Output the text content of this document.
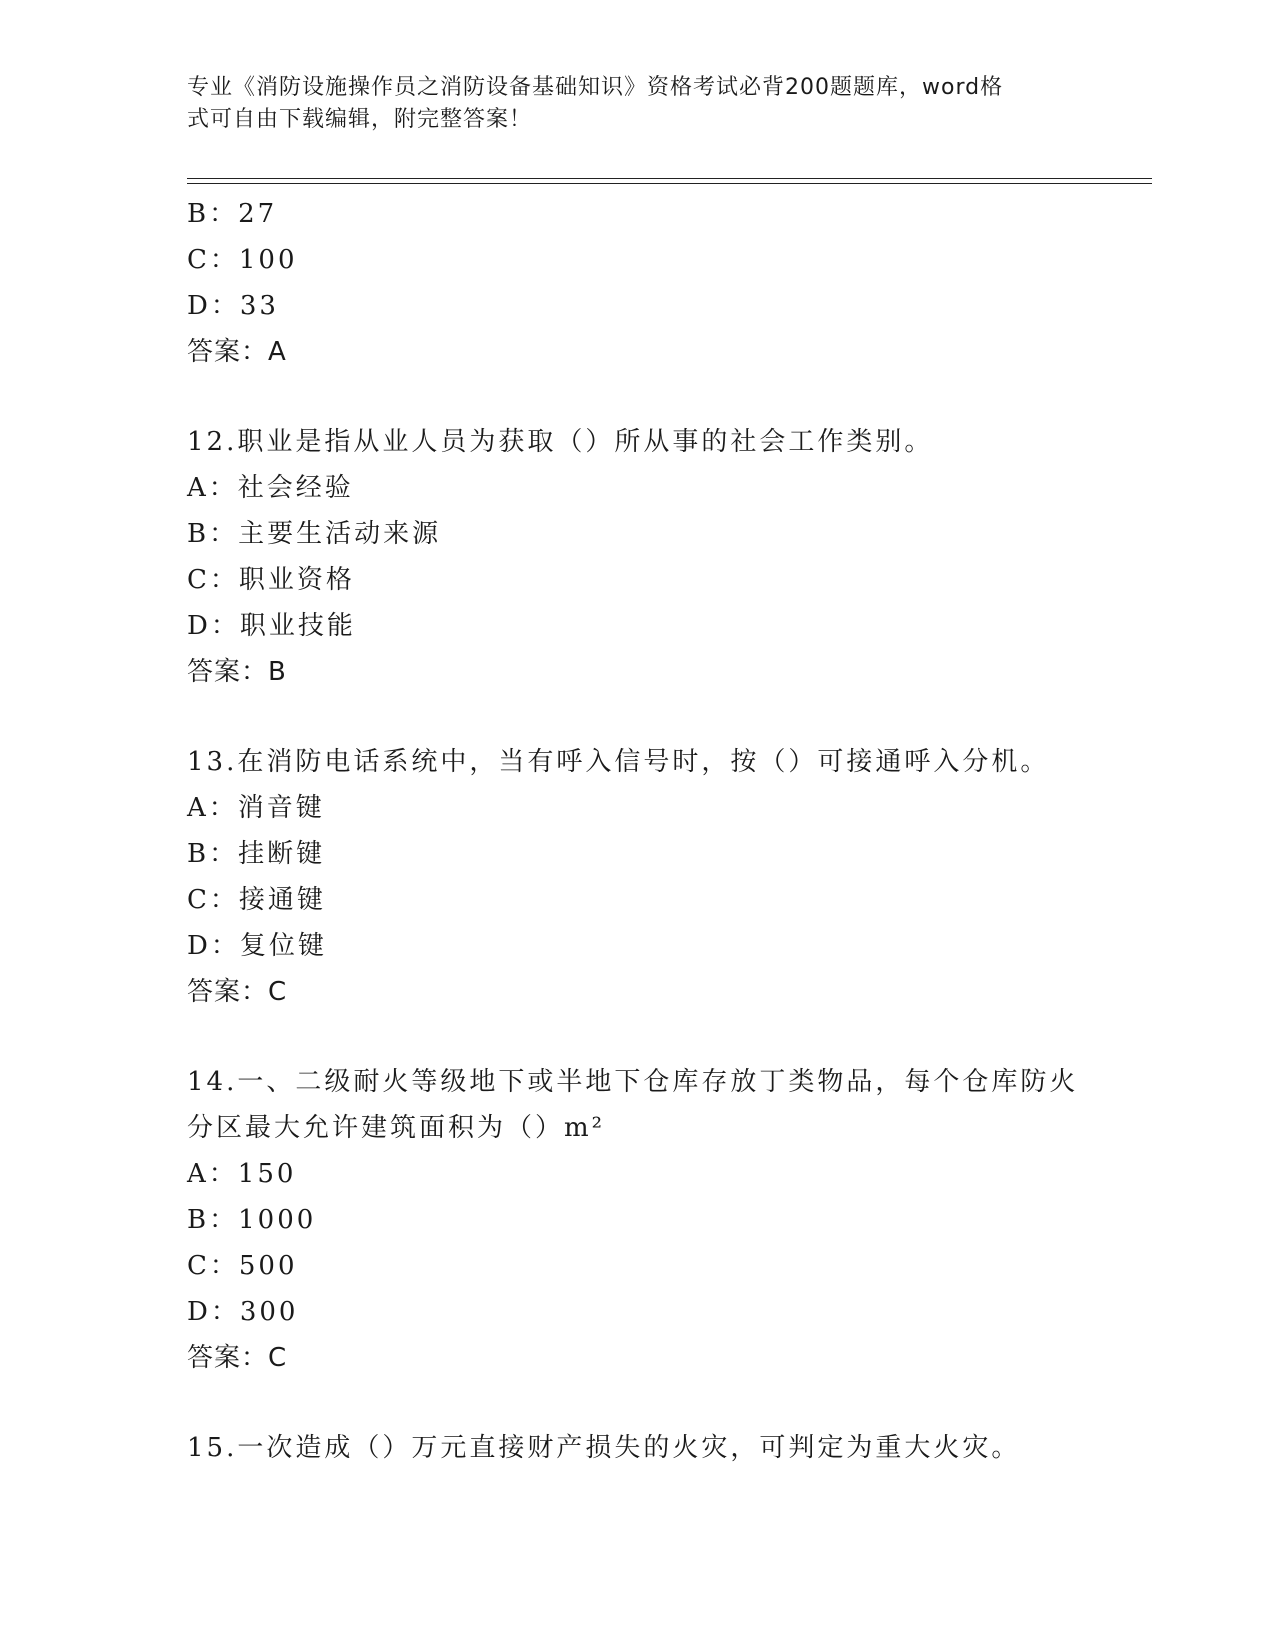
专业《消防设施操作员之消防设备基础知识》资格考试必背200题题库，word格
式可自由下载编辑，附完整答案！
B：27
C：100
D：33
答案：A
12.职业是指从业人员为获取（）所从事的社会工作类别。
A：社会经验
B：主要生活动来源
C：职业资格
D：职业技能
答案：B
13.在消防电话系统中，当有呼入信号时，按（）可接通呼入分机。
A：消音键
B：挂断键
C：接通键
D：复位键
答案：C
14.一、二级耐火等级地下或半地下仓库存放丁类物品，每个仓库防火
分区最大允许建筑面积为（）m²
A：150
B：1000
C：500
D：300
答案：C
15.一次造成（）万元直接财产损失的火灾，可判定为重大火灾。
